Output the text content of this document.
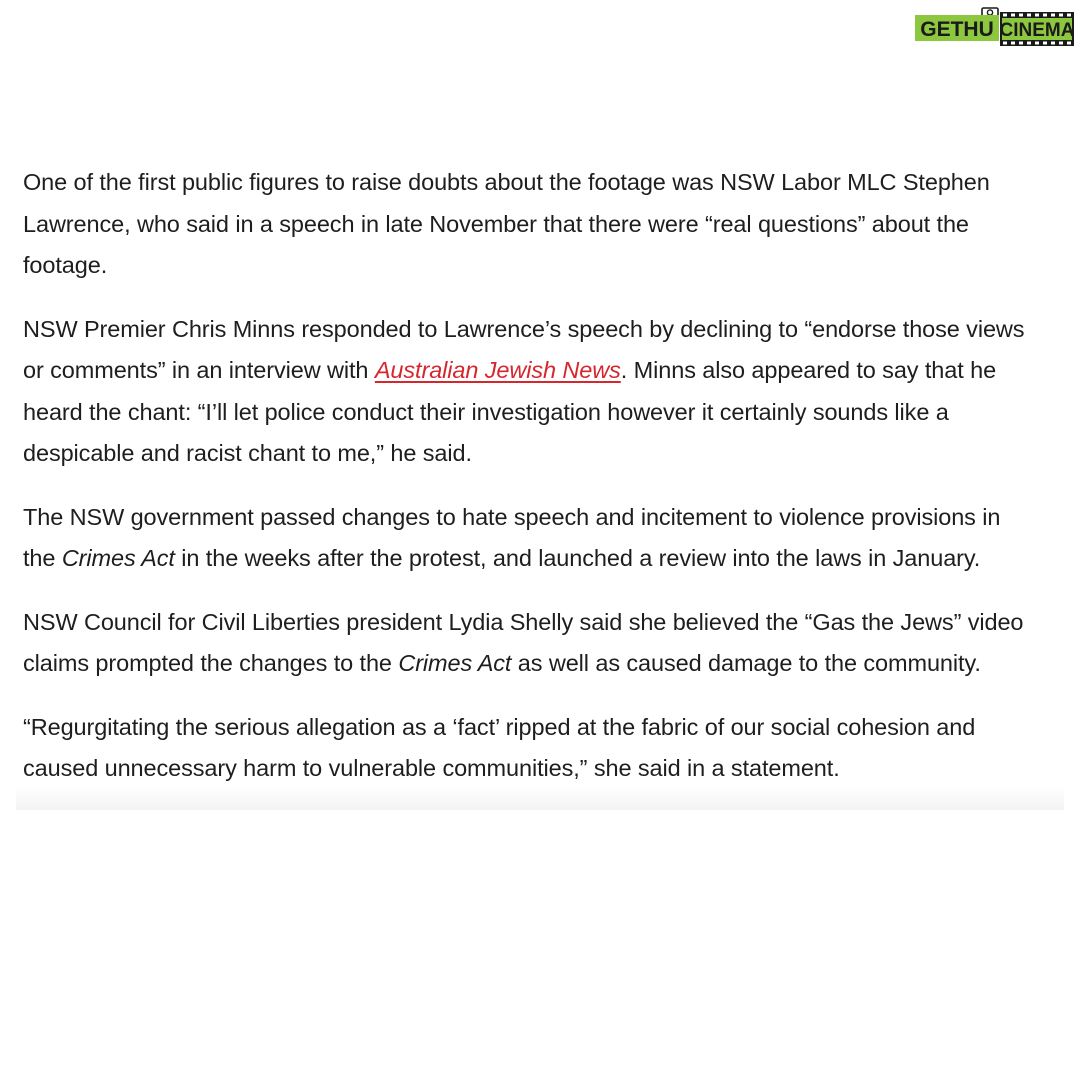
GETHU CINEMA

One of the first public figures to raise doubts about the footage was NSW Labor MLC Stephen Lawrence, who said in a speech in late November that there were “real questions” about the footage.

NSW Premier Chris Minns responded to Lawrence’s speech by declining to “endorse those views or comments” in an interview with Australian Jewish News. Minns also appeared to say that he heard the chant: “I’ll let police conduct their investigation however it certainly sounds like a despicable and racist chant to me,” he said.

The NSW government passed changes to hate speech and incitement to violence provisions in the Crimes Act in the weeks after the protest, and launched a review into the laws in January.

NSW Council for Civil Liberties president Lydia Shelly said she believed the “Gas the Jews” video claims prompted the changes to the Crimes Act as well as caused damage to the community.

“Regurgitating the serious allegation as a ‘fact’ ripped at the fabric of our social cohesion and caused unnecessary harm to vulnerable communities,” she said in a statement.
